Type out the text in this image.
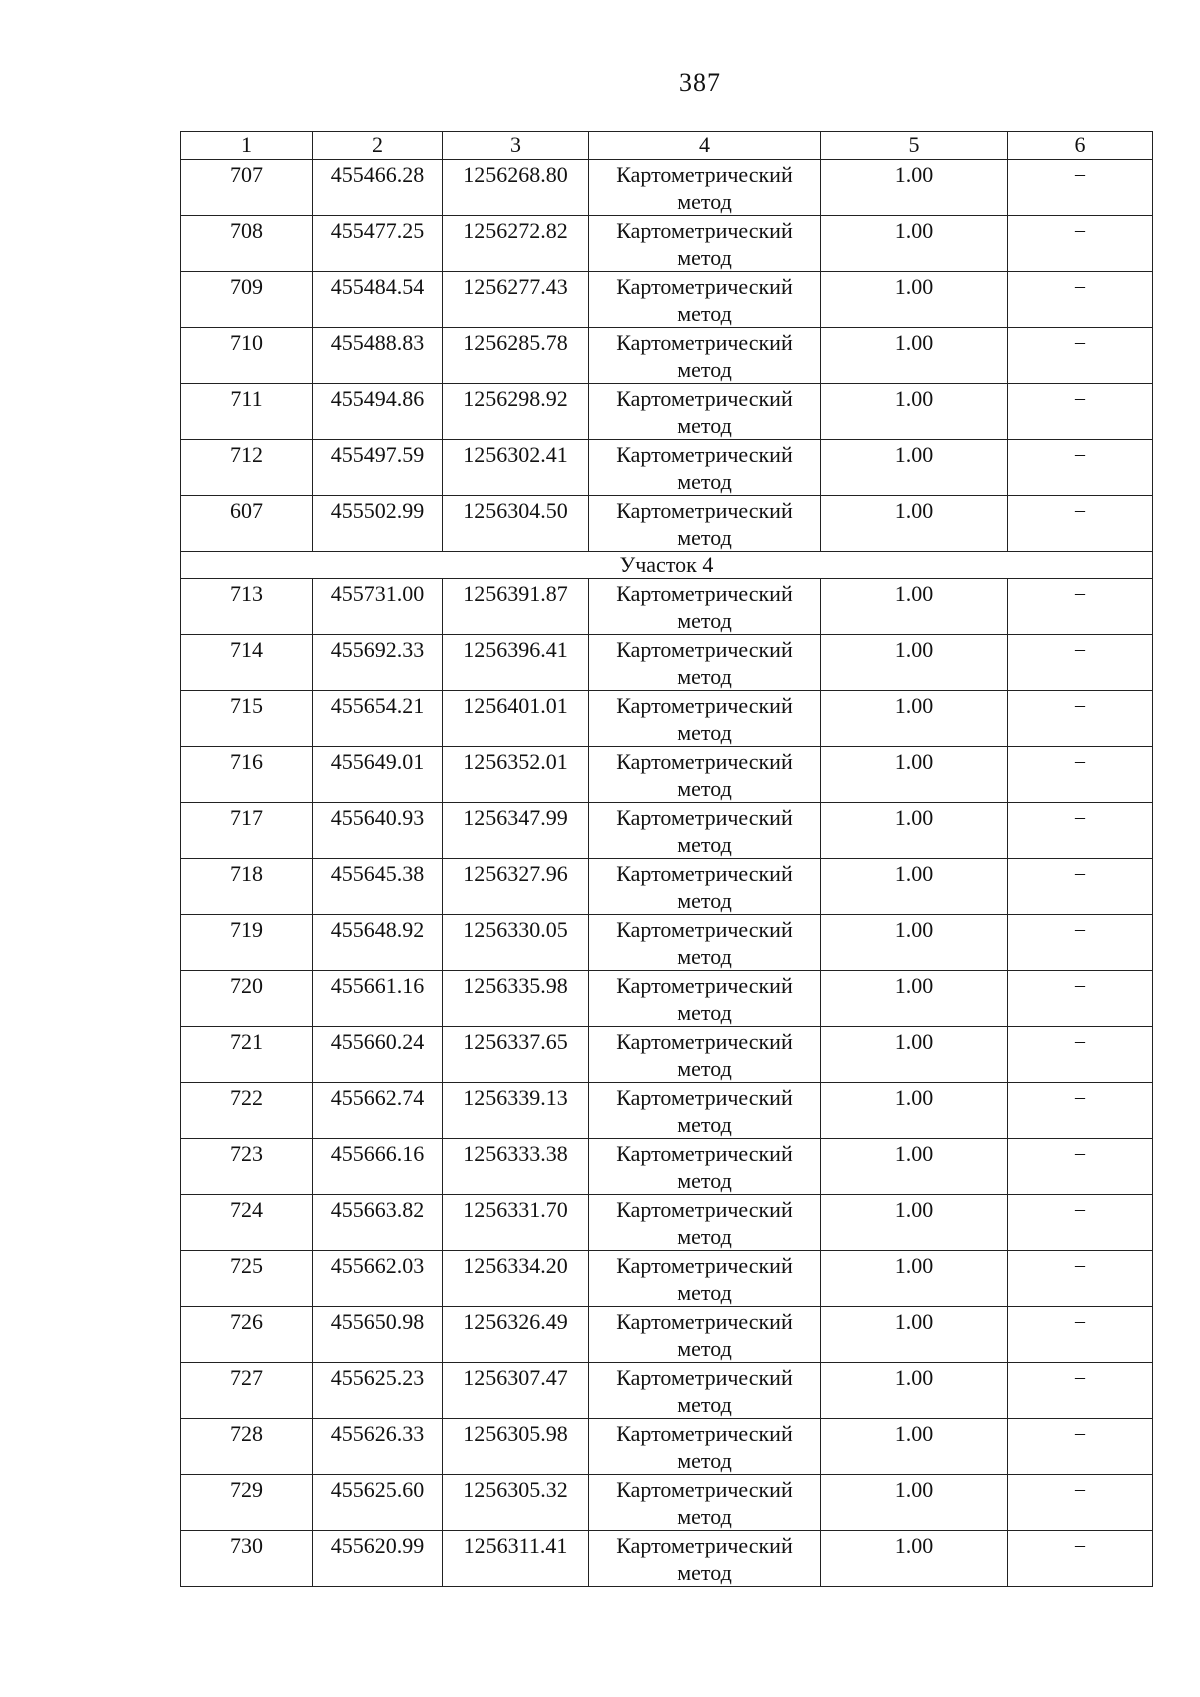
387
1	2	3	4	5	6
707	455466.28	1256268.80	Картометрический метод	1.00	–
708	455477.25	1256272.82	Картометрический метод	1.00	–
709	455484.54	1256277.43	Картометрический метод	1.00	–
710	455488.83	1256285.78	Картометрический метод	1.00	–
711	455494.86	1256298.92	Картометрический метод	1.00	–
712	455497.59	1256302.41	Картометрический метод	1.00	–
607	455502.99	1256304.50	Картометрический метод	1.00	–
Участок 4					
713	455731.00	1256391.87	Картометрический метод	1.00	–
714	455692.33	1256396.41	Картометрический метод	1.00	–
715	455654.21	1256401.01	Картометрический метод	1.00	–
716	455649.01	1256352.01	Картометрический метод	1.00	–
717	455640.93	1256347.99	Картометрический метод	1.00	–
718	455645.38	1256327.96	Картометрический метод	1.00	–
719	455648.92	1256330.05	Картометрический метод	1.00	–
720	455661.16	1256335.98	Картометрический метод	1.00	–
721	455660.24	1256337.65	Картометрический метод	1.00	–
722	455662.74	1256339.13	Картометрический метод	1.00	–
723	455666.16	1256333.38	Картометрический метод	1.00	–
724	455663.82	1256331.70	Картометрический метод	1.00	–
725	455662.03	1256334.20	Картометрический метод	1.00	–
726	455650.98	1256326.49	Картометрический метод	1.00	–
727	455625.23	1256307.47	Картометрический метод	1.00	–
728	455626.33	1256305.98	Картометрический метод	1.00	–
729	455625.60	1256305.32	Картометрический метод	1.00	–
730	455620.99	1256311.41	Картометрический метод	1.00	–
